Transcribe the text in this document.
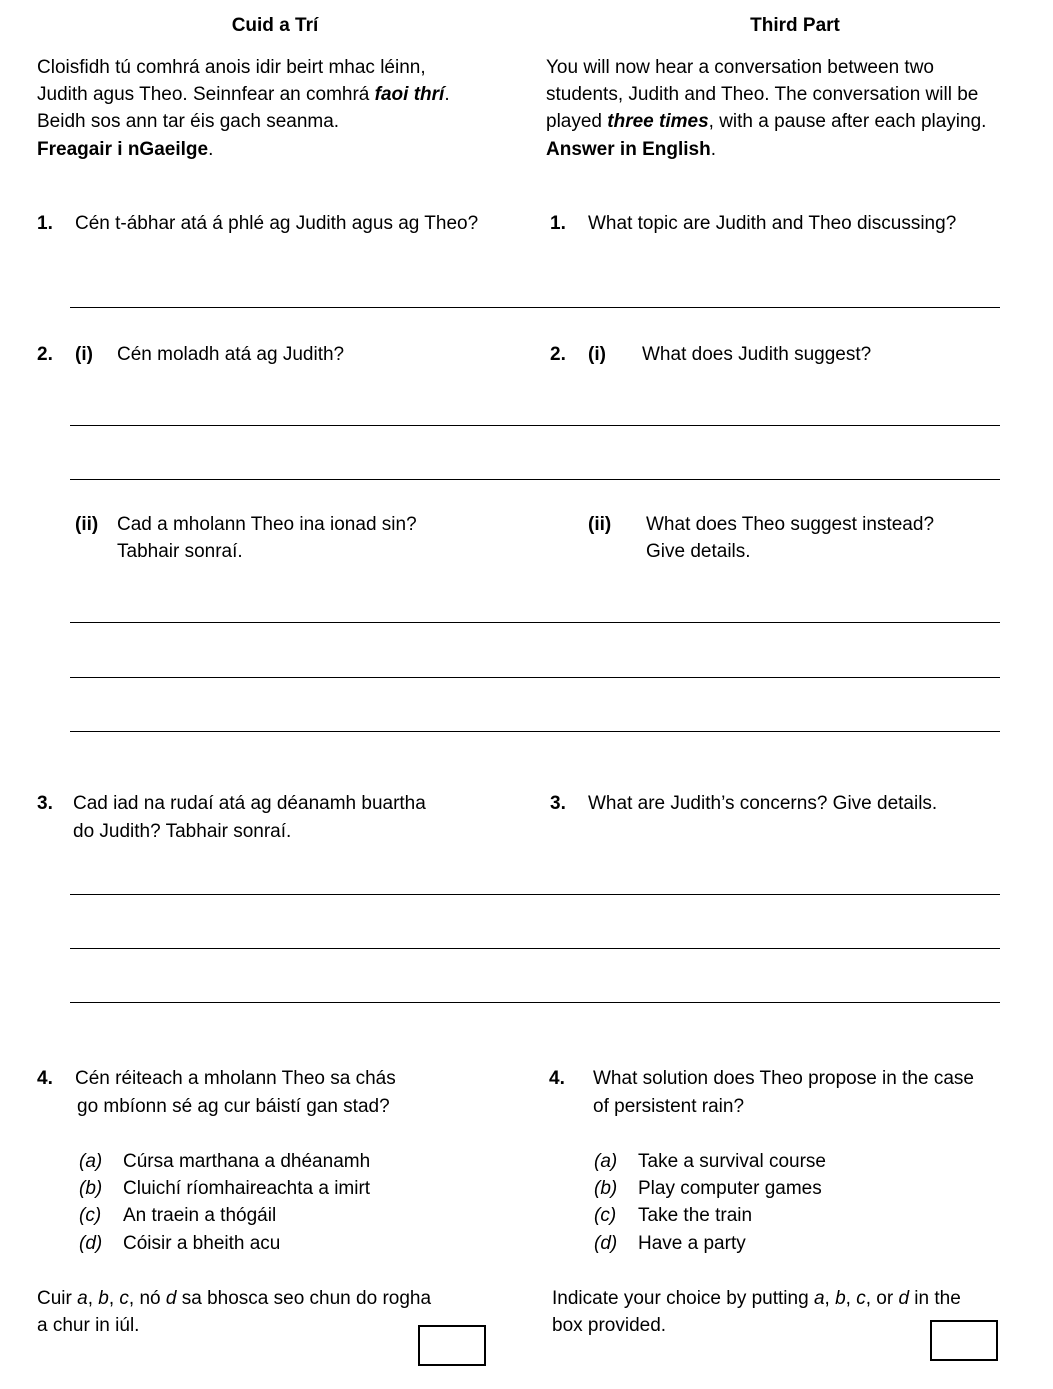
Cuid a Trí	Third Part
Cloisfidh tú comhrá anois idir beirt mhac léinn,
Judith agus Theo. Seinnfear an comhrá faoi thrí.
Beidh sos ann tar éis gach seanma.
Freagair i nGaeilge.
You will now hear a conversation between two
students, Judith and Theo. The conversation will be
played three times, with a pause after each playing.
Answer in English.
1. Cén t-ábhar atá á phlé ag Judith agus ag Theo?	1. What topic are Judith and Theo discussing?
2. (i) Cén moladh atá ag Judith?	2. (i) What does Judith suggest?
(ii) Cad a mholann Theo ina ionad sin?
Tabhair sonraí.
(ii) What does Theo suggest instead?
Give details.
3. Cad iad na rudaí atá ag déanamh buartha
do Judith? Tabhair sonraí.
3. What are Judith’s concerns? Give details.
4. Cén réiteach a mholann Theo sa chás
go mbíonn sé ag cur báistí gan stad?
4. What solution does Theo propose in the case
of persistent rain?
(a) Cúrsa marthana a dhéanamh
(b) Cluichí ríomhaireachta a imirt
(c) An traein a thógáil
(d) Cóisir a bheith acu
(a) Take a survival course
(b) Play computer games
(c) Take the train
(d) Have a party
Cuir a, b, c, nó d sa bhosca seo chun do rogha
a chur in iúl.
Indicate your choice by putting a, b, c, or d in the
box provided.
